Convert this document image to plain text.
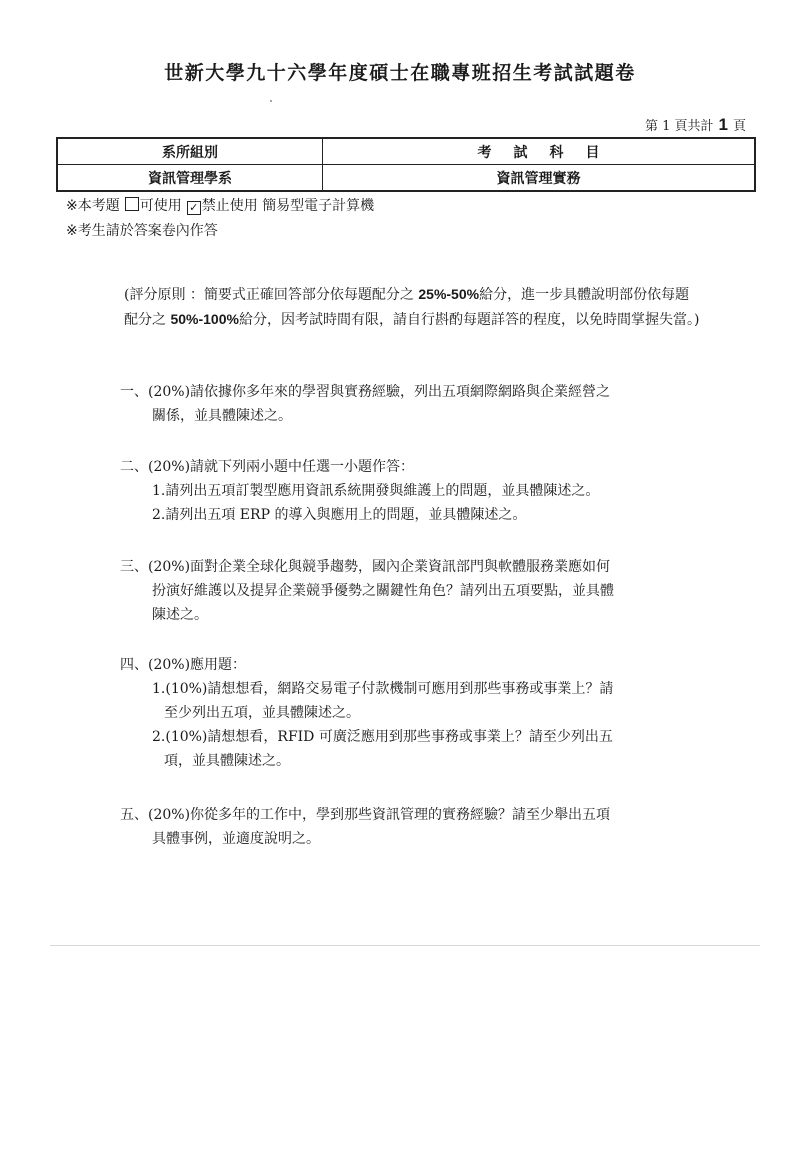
世新大學九十六學年度碩士在職專班招生考試試題卷
第 1 頁共計 1 頁
系所組別	考試科目
資訊管理學系	資訊管理實務
※本考題 可使用 ✓ 禁止使用 簡易型電子計算機
※考生請於答案卷內作答
(評分原則 ：簡要式正確回答部分依每題配分之 25%-50%給分，進一步具體說明部份依每題配分之 50%-100%給分，因考試時間有限，請自行斟酌每題詳答的程度，以免時間掌握失當。)
一、(20%)請依據你多年來的學習與實務經驗，列出五項網際網路與企業經營之
關係，並具體陳述之。
二、(20%)請就下列兩小題中任選一小題作答：
1.請列出五項訂製型應用資訊系統開發與維護上的問題，並具體陳述之。
2.請列出五項 ERP 的導入與應用上的問題，並具體陳述之。
三、(20%)面對企業全球化與競爭趨勢，國內企業資訊部門與軟體服務業應如何
扮演好維護以及提昇企業競爭優勢之關鍵性角色？請列出五項要點，並具體
陳述之。
四、(20%)應用題：
1.(10%)請想想看，網路交易電子付款機制可應用到那些事務或事業上？請
至少列出五項，並具體陳述之。
2.(10%)請想想看，RFID 可廣泛應用到那些事務或事業上？請至少列出五
項，並具體陳述之。
五、(20%)你從多年的工作中，學到那些資訊管理的實務經驗？請至少舉出五項
具體事例，並適度說明之。
